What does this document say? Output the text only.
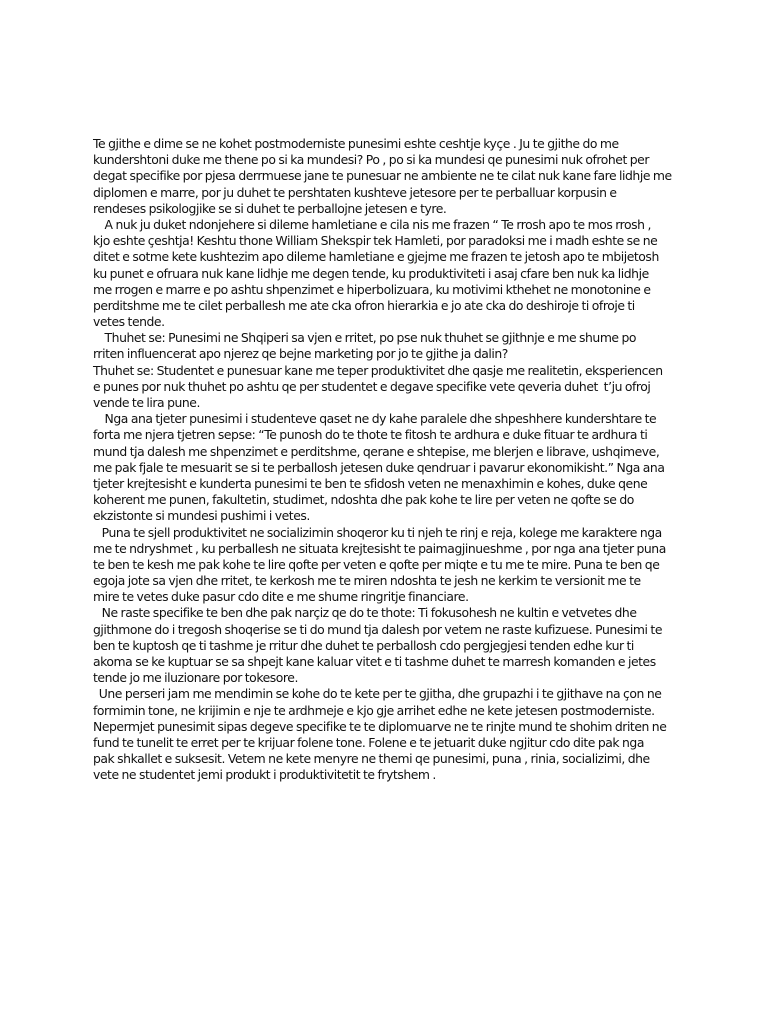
Te gjithe e dime se ne kohet postmoderniste punesimi eshte ceshtje kyçe . Ju te gjithe do me
kundershtoni duke me thene po si ka mundesi? Po , po si ka mundesi qe punesimi nuk ofrohet per
degat specifike por pjesa derrmuese jane te punesuar ne ambiente ne te cilat nuk kane fare lidhje me
diplomen e marre, por ju duhet te pershtaten kushteve jetesore per te perballuar korpusin e
rendeses psikologjike se si duhet te perballojne jetesen e tyre.
A nuk ju duket ndonjehere si dileme hamletiane e cila nis me frazen “ Te rrosh apo te mos rrosh ,
kjo eshte çeshtja! Keshtu thone William Shekspir tek Hamleti, por paradoksi me i madh eshte se ne
ditet e sotme kete kushtezim apo dileme hamletiane e gjejme me frazen te jetosh apo te mbijetosh
ku punet e ofruara nuk kane lidhje me degen tende, ku produktiviteti i asaj cfare ben nuk ka lidhje
me rrogen e marre e po ashtu shpenzimet e hiperbolizuara, ku motivimi kthehet ne monotonine e
perditshme me te cilet perballesh me ate cka ofron hierarkia e jo ate cka do deshiroje ti ofroje ti
vetes tende.
Thuhet se: Punesimi ne Shqiperi sa vjen e rritet, po pse nuk thuhet se gjithnje e me shume po
rriten influencerat apo njerez qe bejne marketing por jo te gjithe ja dalin?
Thuhet se: Studentet e punesuar kane me teper produktivitet dhe qasje me realitetin, eksperiencen
e punes por nuk thuhet po ashtu qe per studentet e degave specifike vete qeveria duhet  t’ju ofroj
vende te lira pune.
Nga ana tjeter punesimi i studenteve qaset ne dy kahe paralele dhe shpeshhere kundershtare te
forta me njera tjetren sepse: “Te punosh do te thote te fitosh te ardhura e duke fituar te ardhura ti
mund tja dalesh me shpenzimet e perditshme, qerane e shtepise, me blerjen e librave, ushqimeve,
me pak fjale te mesuarit se si te perballosh jetesen duke qendruar i pavarur ekonomikisht.” Nga ana
tjeter krejtesisht e kunderta punesimi te ben te sfidosh veten ne menaxhimin e kohes, duke qene
koherent me punen, fakultetin, studimet, ndoshta dhe pak kohe te lire per veten ne qofte se do
ekzistonte si mundesi pushimi i vetes.
Puna te sjell produktivitet ne socializimin shoqeror ku ti njeh te rinj e reja, kolege me karaktere nga
me te ndryshmet , ku perballesh ne situata krejtesisht te paimagjinueshme , por nga ana tjeter puna
te ben te kesh me pak kohe te lire qofte per veten e qofte per miqte e tu me te mire. Puna te ben qe
egoja jote sa vjen dhe rritet, te kerkosh me te miren ndoshta te jesh ne kerkim te versionit me te
mire te vetes duke pasur cdo dite e me shume ringritje financiare.
Ne raste specifike te ben dhe pak narçiz qe do te thote: Ti fokusohesh ne kultin e vetvetes dhe
gjithmone do i tregosh shoqerise se ti do mund tja dalesh por vetem ne raste kufizuese. Punesimi te
ben te kuptosh qe ti tashme je rritur dhe duhet te perballosh cdo pergjegjesi tenden edhe kur ti
akoma se ke kuptuar se sa shpejt kane kaluar vitet e ti tashme duhet te marresh komanden e jetes
tende jo me iluzionare por tokesore.
Une perseri jam me mendimin se kohe do te kete per te gjitha, dhe grupazhi i te gjithave na çon ne
formimin tone, ne krijimin e nje te ardhmeje e kjo gje arrihet edhe ne kete jetesen postmoderniste.
Nepermjet punesimit sipas degeve specifike te te diplomuarve ne te rinjte mund te shohim driten ne
fund te tunelit te erret per te krijuar folene tone. Folene e te jetuarit duke ngjitur cdo dite pak nga
pak shkallet e suksesit. Vetem ne kete menyre ne themi qe punesimi, puna , rinia, socializimi, dhe
vete ne studentet jemi produkt i produktivitetit te frytshem .
